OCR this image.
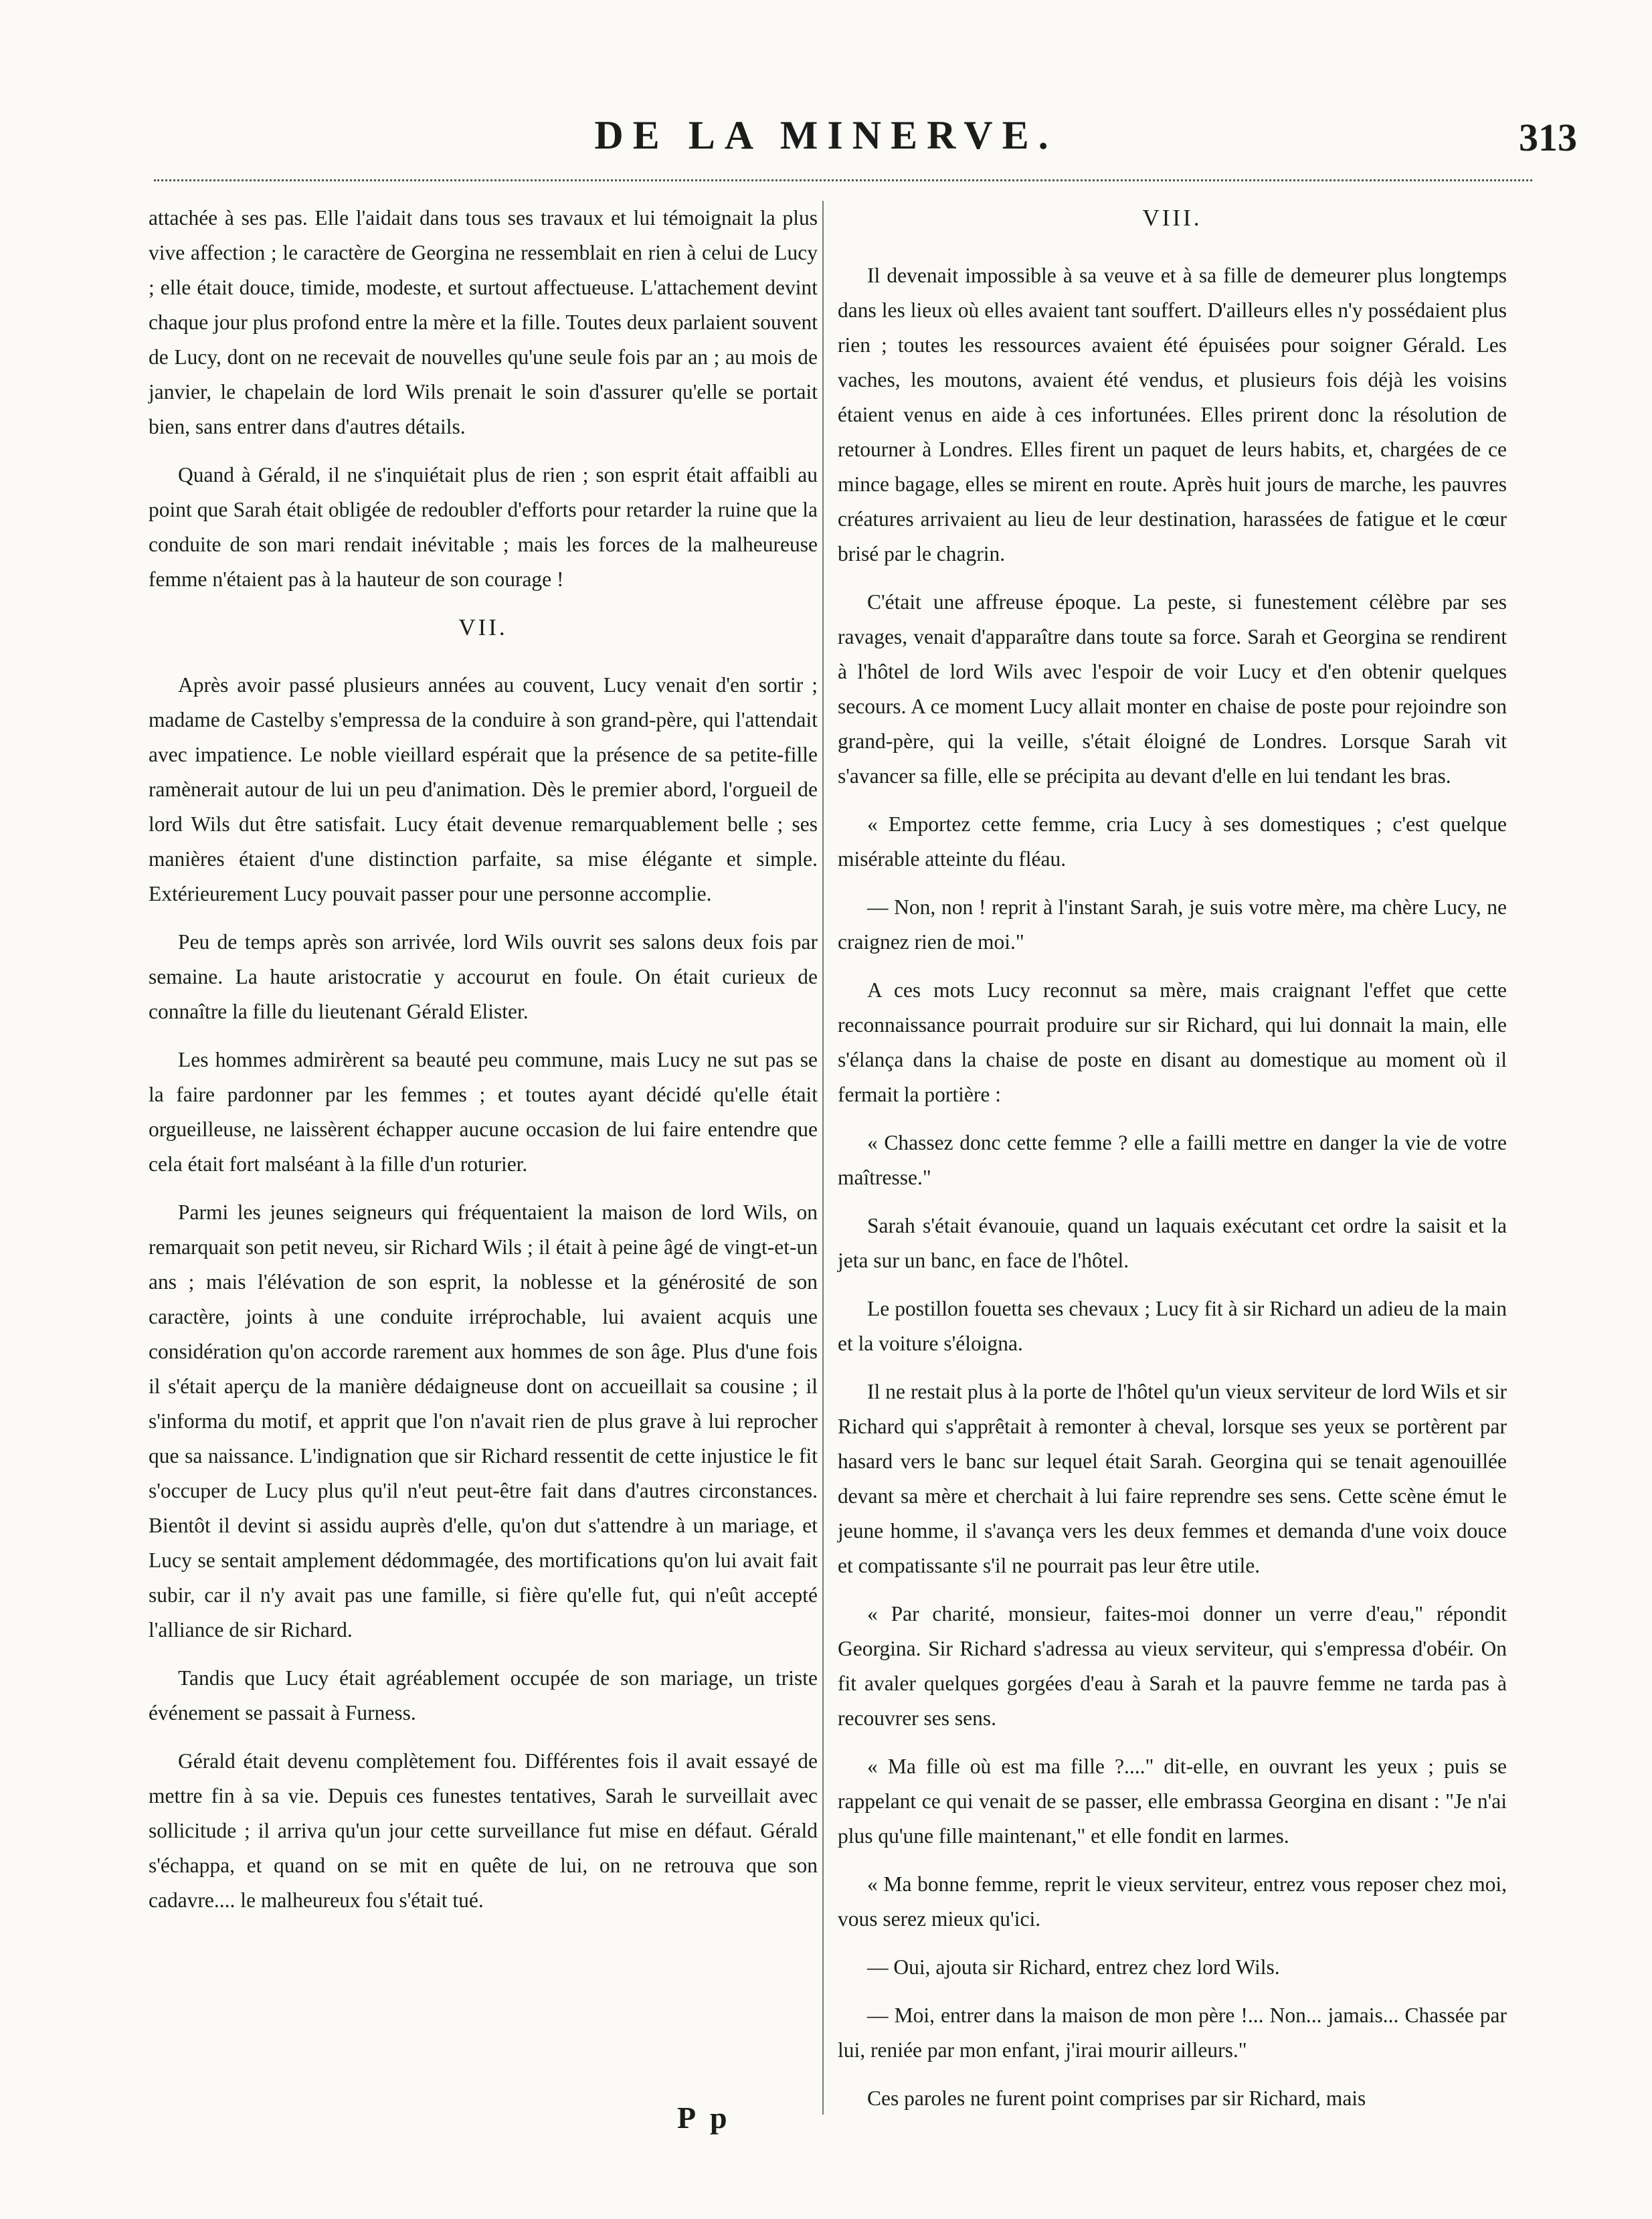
DE LA MINERVE.	313

attachée à ses pas. Elle l'aidait dans tous ses travaux et lui témoignait la plus vive affection ; le caractère de Georgina ne ressemblait en rien à celui de Lucy ; elle était douce, timide, modeste, et surtout affectueuse. L'attachement devint chaque jour plus profond entre la mère et la fille. Toutes deux parlaient souvent de Lucy, dont on ne recevait de nouvelles qu'une seule fois par an ; au mois de janvier, le chapelain de lord Wils prenait le soin d'assurer qu'elle se portait bien, sans entrer dans d'autres détails.

Quand à Gérald, il ne s'inquiétait plus de rien ; son esprit était affaibli au point que Sarah était obligée de redoubler d'efforts pour retarder la ruine que la conduite de son mari rendait inévitable ; mais les forces de la malheureuse femme n'étaient pas à la hauteur de son courage !

VII.

Après avoir passé plusieurs années au couvent, Lucy venait d'en sortir ; madame de Castelby s'empressa de la conduire à son grand-père, qui l'attendait avec impatience. Le noble vieillard espérait que la présence de sa petite-fille ramènerait autour de lui un peu d'animation. Dès le premier abord, l'orgueil de lord Wils dut être satisfait. Lucy était devenue remarquablement belle ; ses manières étaient d'une distinction parfaite, sa mise élégante et simple. Extérieurement Lucy pouvait passer pour une personne accomplie.

Peu de temps après son arrivée, lord Wils ouvrit ses salons deux fois par semaine. La haute aristocratie y accourut en foule. On était curieux de connaître la fille du lieutenant Gérald Elister.

Les hommes admirèrent sa beauté peu commune, mais Lucy ne sut pas se la faire pardonner par les femmes ; et toutes ayant décidé qu'elle était orgueilleuse, ne laissèrent échapper aucune occasion de lui faire entendre que cela était fort malséant à la fille d'un roturier.

Parmi les jeunes seigneurs qui fréquentaient la maison de lord Wils, on remarquait son petit neveu, sir Richard Wils ; il était à peine âgé de vingt-et-un ans ; mais l'élévation de son esprit, la noblesse et la générosité de son caractère, joints à une conduite irréprochable, lui avaient acquis une considération qu'on accorde rarement aux hommes de son âge. Plus d'une fois il s'était aperçu de la manière dédaigneuse dont on accueillait sa cousine ; il s'informa du motif, et apprit que l'on n'avait rien de plus grave à lui reprocher que sa naissance. L'indignation que sir Richard ressentit de cette injustice le fit s'occuper de Lucy plus qu'il n'eut peut-être fait dans d'autres circonstances. Bientôt il devint si assidu auprès d'elle, qu'on dut s'attendre à un mariage, et Lucy se sentait amplement dédommagée, des mortifications qu'on lui avait fait subir, car il n'y avait pas une famille, si fière qu'elle fut, qui n'eût accepté l'alliance de sir Richard.

Tandis que Lucy était agréablement occupée de son mariage, un triste événement se passait à Furness.

Gérald était devenu complètement fou. Différentes fois il avait essayé de mettre fin à sa vie. Depuis ces funestes tentatives, Sarah le surveillait avec sollicitude ; il arriva qu'un jour cette surveillance fut mise en défaut. Gérald s'échappa, et quand on se mit en quête de lui, on ne retrouva que son cadavre.... le malheureux fou s'était tué.

VIII.

Il devenait impossible à sa veuve et à sa fille de demeurer plus longtemps dans les lieux où elles avaient tant souffert. D'ailleurs elles n'y possédaient plus rien ; toutes les ressources avaient été épuisées pour soigner Gérald. Les vaches, les moutons, avaient été vendus, et plusieurs fois déjà les voisins étaient venus en aide à ces infortunées. Elles prirent donc la résolution de retourner à Londres. Elles firent un paquet de leurs habits, et, chargées de ce mince bagage, elles se mirent en route. Après huit jours de marche, les pauvres créatures arrivaient au lieu de leur destination, harassées de fatigue et le cœur brisé par le chagrin.

C'était une affreuse époque. La peste, si funestement célèbre par ses ravages, venait d'apparaître dans toute sa force. Sarah et Georgina se rendirent à l'hôtel de lord Wils avec l'espoir de voir Lucy et d'en obtenir quelques secours. A ce moment Lucy allait monter en chaise de poste pour rejoindre son grand-père, qui la veille, s'était éloigné de Londres. Lorsque Sarah vit s'avancer sa fille, elle se précipita au devant d'elle en lui tendant les bras.

« Emportez cette femme, cria Lucy à ses domestiques ; c'est quelque misérable atteinte du fléau.

— Non, non ! reprit à l'instant Sarah, je suis votre mère, ma chère Lucy, ne craignez rien de moi."

A ces mots Lucy reconnut sa mère, mais craignant l'effet que cette reconnaissance pourrait produire sur sir Richard, qui lui donnait la main, elle s'élança dans la chaise de poste en disant au domestique au moment où il fermait la portière :

« Chassez donc cette femme ? elle a failli mettre en danger la vie de votre maîtresse."

Sarah s'était évanouie, quand un laquais exécutant cet ordre la saisit et la jeta sur un banc, en face de l'hôtel.

Le postillon fouetta ses chevaux ; Lucy fit à sir Richard un adieu de la main et la voiture s'éloigna.

Il ne restait plus à la porte de l'hôtel qu'un vieux serviteur de lord Wils et sir Richard qui s'apprêtait à remonter à cheval, lorsque ses yeux se portèrent par hasard vers le banc sur lequel était Sarah. Georgina qui se tenait agenouillée devant sa mère et cherchait à lui faire reprendre ses sens. Cette scène émut le jeune homme, il s'avança vers les deux femmes et demanda d'une voix douce et compatissante s'il ne pourrait pas leur être utile.

« Par charité, monsieur, faites-moi donner un verre d'eau," répondit Georgina. Sir Richard s'adressa au vieux serviteur, qui s'empressa d'obéir. On fit avaler quelques gorgées d'eau à Sarah et la pauvre femme ne tarda pas à recouvrer ses sens.

« Ma fille où est ma fille ?...." dit-elle, en ouvrant les yeux ; puis se rappelant ce qui venait de se passer, elle embrassa Georgina en disant : "Je n'ai plus qu'une fille maintenant," et elle fondit en larmes.

« Ma bonne femme, reprit le vieux serviteur, entrez vous reposer chez moi, vous serez mieux qu'ici.

— Oui, ajouta sir Richard, entrez chez lord Wils.

— Moi, entrer dans la maison de mon père !... Non... jamais... Chassée par lui, reniée par mon enfant, j'irai mourir ailleurs."

Ces paroles ne furent point comprises par sir Richard, mais

P p
